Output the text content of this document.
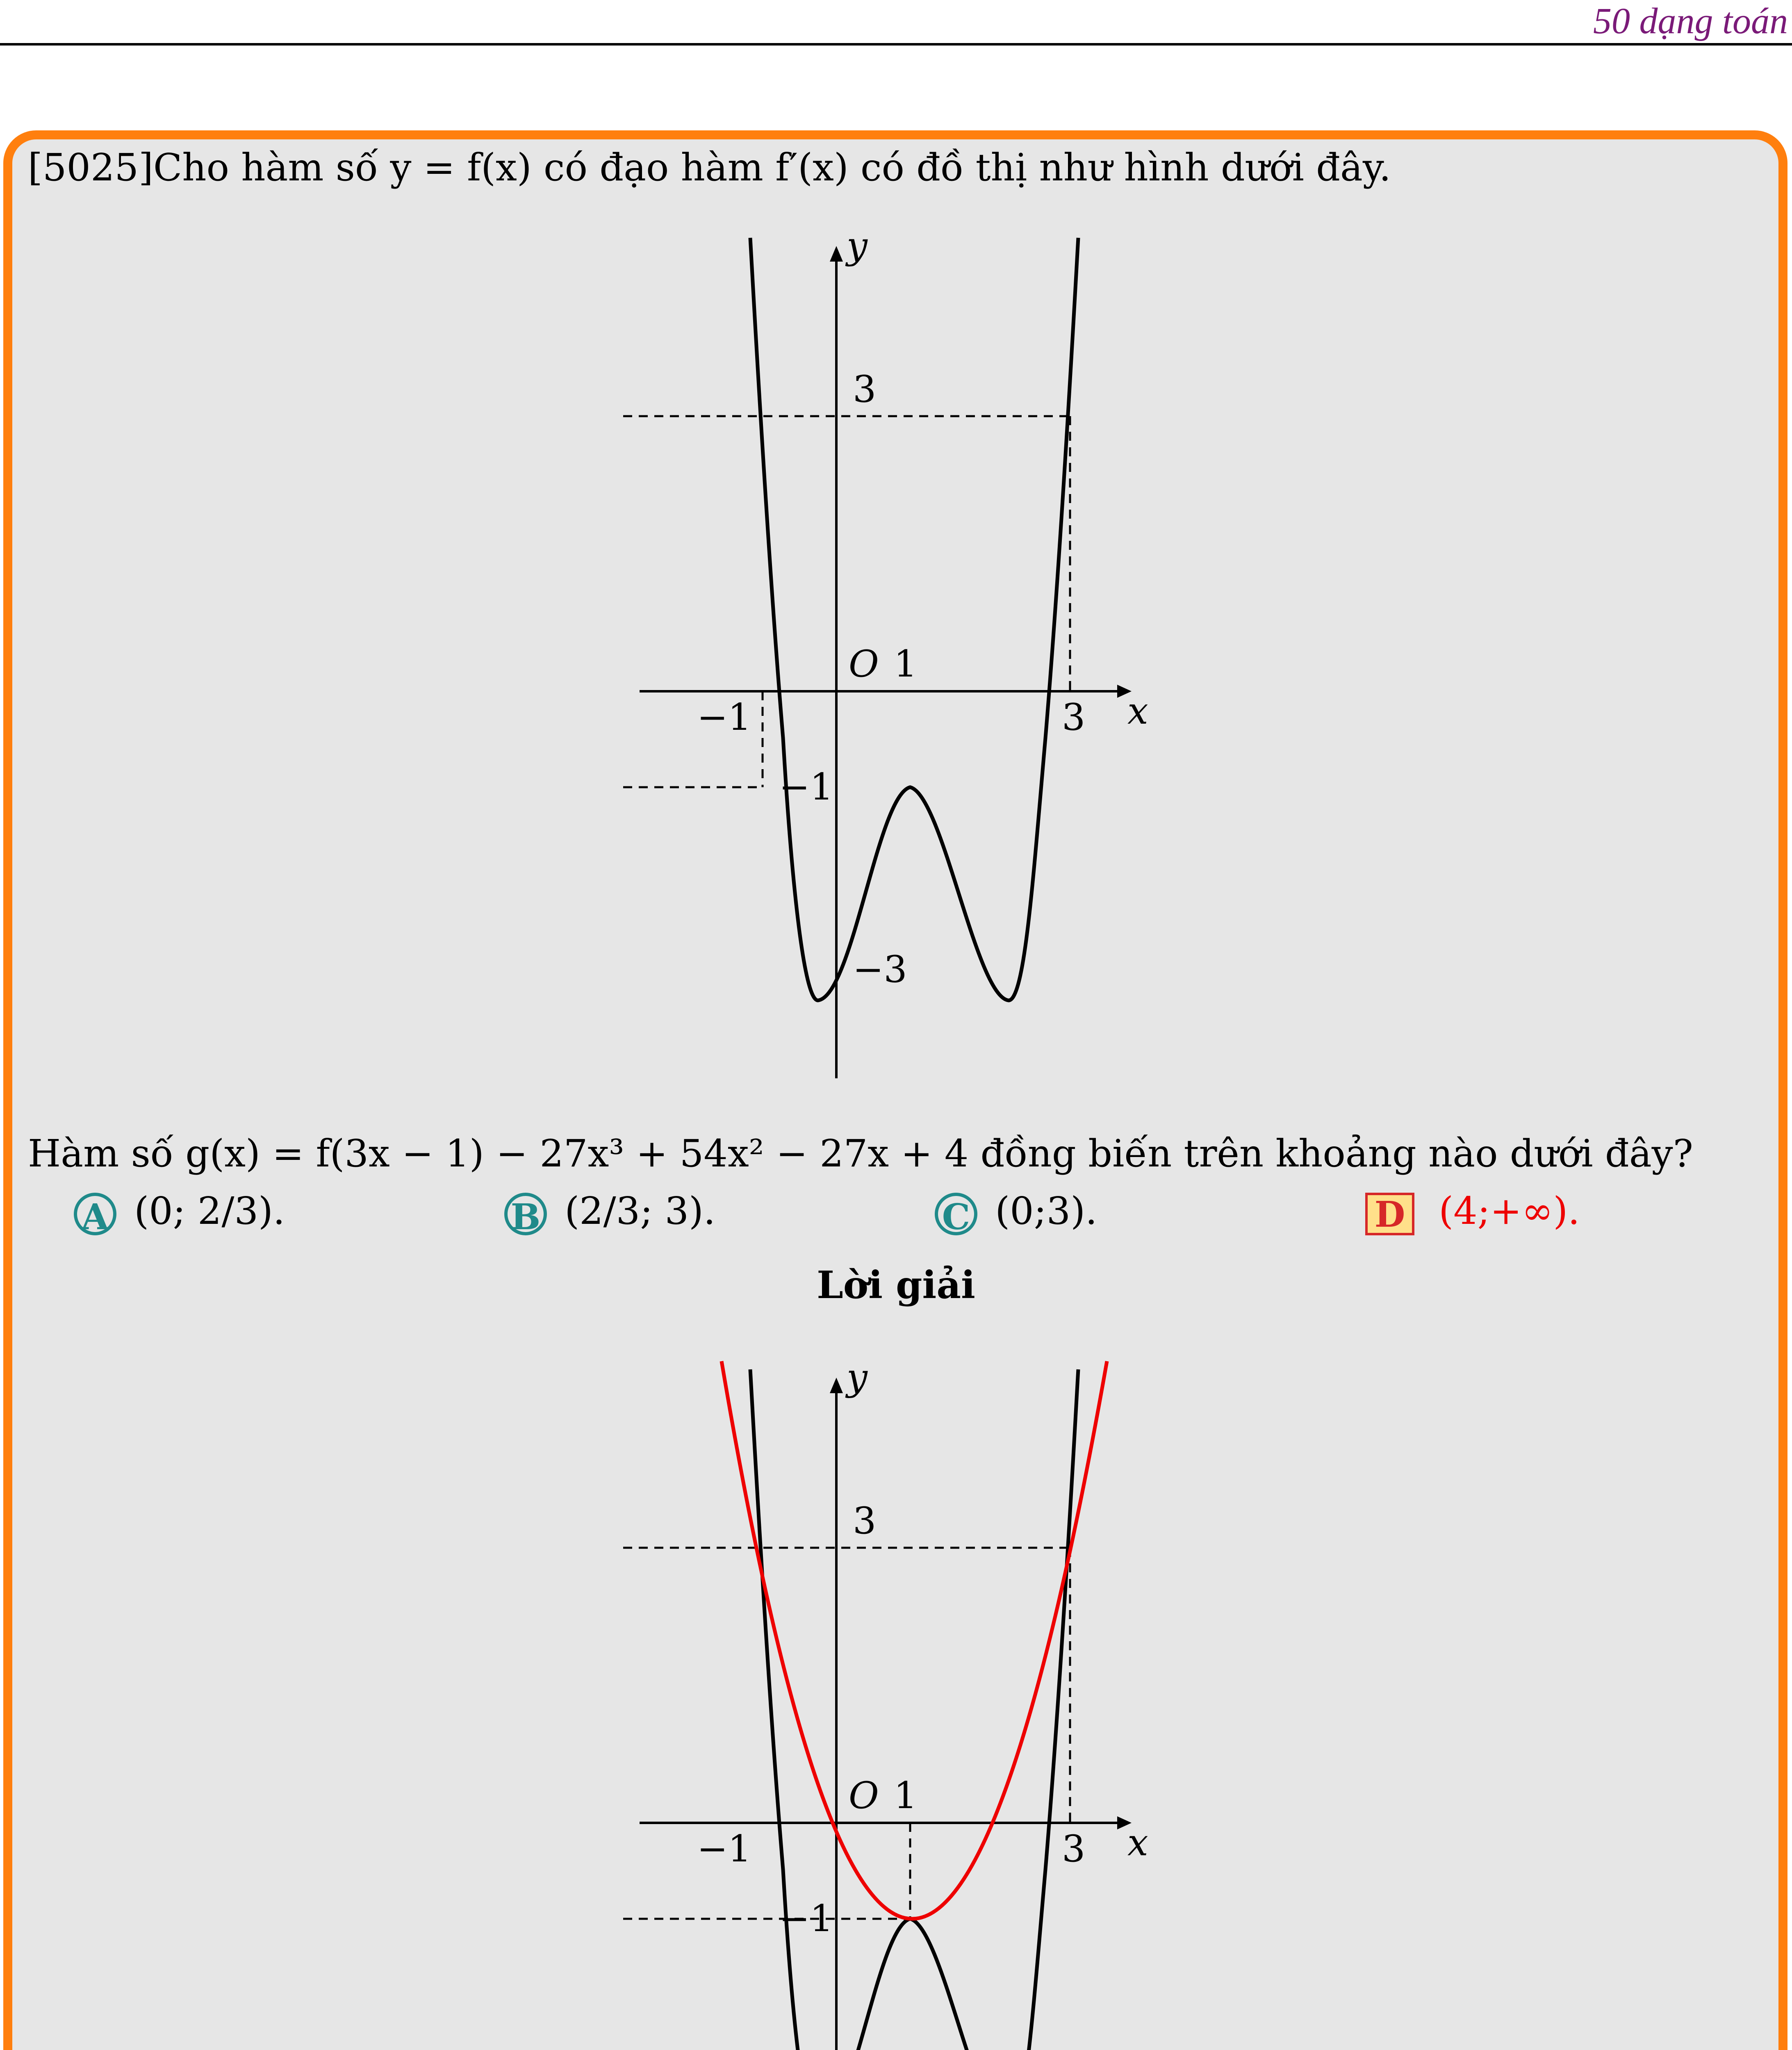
50 dạng toán
[5025]Cho hàm số y = f(x) có đạo hàm f′(x) có đồ thị như hình dưới đây.
y
x
3
O 1
−1	3
−1
−3
Hàm số g(x) = f(3x − 1) − 27x³ + 54x² − 27x + 4 đồng biến trên khoảng nào dưới đây?
A (0; 2/3).	B (2/3; 3).	C (0;3).	D (4;+∞).
Lời giải
y
x
3
O 1
−1	3
−1
